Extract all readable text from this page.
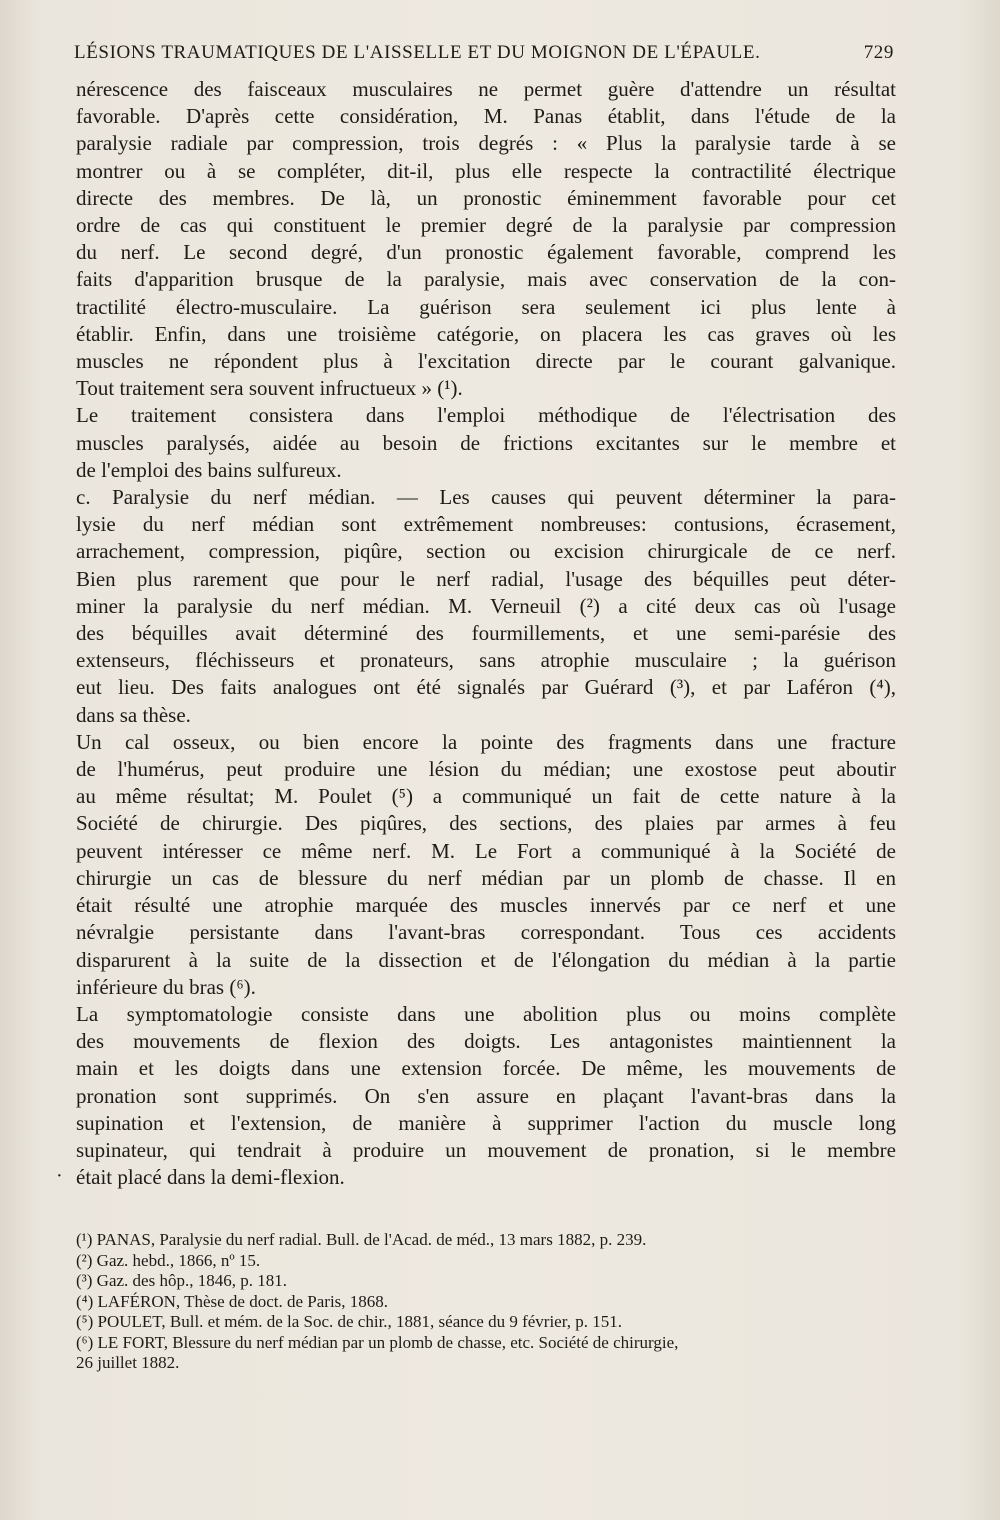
LÉSIONS TRAUMATIQUES DE L'AISSELLE ET DU MOIGNON DE L'ÉPAULE.	729

nérescence des faisceaux musculaires ne permet guère d'attendre un résultat
favorable. D'après cette considération, M. Panas établit, dans l'étude de la
paralysie radiale par compression, trois degrés : « Plus la paralysie tarde à se
montrer ou à se compléter, dit-il, plus elle respecte la contractilité électrique
directe des membres. De là, un pronostic éminemment favorable pour cet
ordre de cas qui constituent le premier degré de la paralysie par compression
du nerf. Le second degré, d'un pronostic également favorable, comprend les
faits d'apparition brusque de la paralysie, mais avec conservation de la con-
tractilité électro-musculaire. La guérison sera seulement ici plus lente à
établir. Enfin, dans une troisième catégorie, on placera les cas graves où les
muscles ne répondent plus à l'excitation directe par le courant galvanique.
Tout traitement sera souvent infructueux » (¹).

Le traitement consistera dans l'emploi méthodique de l'électrisation des
muscles paralysés, aidée au besoin de frictions excitantes sur le membre et
de l'emploi des bains sulfureux.

c. Paralysie du nerf médian. — Les causes qui peuvent déterminer la para-
lysie du nerf médian sont extrêmement nombreuses: contusions, écrasement,
arrachement, compression, piqûre, section ou excision chirurgicale de ce nerf.
Bien plus rarement que pour le nerf radial, l'usage des béquilles peut déter-
miner la paralysie du nerf médian. M. Verneuil (²) a cité deux cas où l'usage
des béquilles avait déterminé des fourmillements, et une semi-parésie des
extenseurs, fléchisseurs et pronateurs, sans atrophie musculaire ; la guérison
eut lieu. Des faits analogues ont été signalés par Guérard (³), et par Laféron (⁴),
dans sa thèse.

Un cal osseux, ou bien encore la pointe des fragments dans une fracture
de l'humérus, peut produire une lésion du médian; une exostose peut aboutir
au même résultat; M. Poulet (⁵) a communiqué un fait de cette nature à la
Société de chirurgie. Des piqûres, des sections, des plaies par armes à feu
peuvent intéresser ce même nerf. M. Le Fort a communiqué à la Société de
chirurgie un cas de blessure du nerf médian par un plomb de chasse. Il en
était résulté une atrophie marquée des muscles innervés par ce nerf et une
névralgie persistante dans l'avant-bras correspondant. Tous ces accidents
disparurent à la suite de la dissection et de l'élongation du médian à la partie
inférieure du bras (⁶).

La symptomatologie consiste dans une abolition plus ou moins complète
des mouvements de flexion des doigts. Les antagonistes maintiennent la
main et les doigts dans une extension forcée. De même, les mouvements de
pronation sont supprimés. On s'en assure en plaçant l'avant-bras dans la
supination et l'extension, de manière à supprimer l'action du muscle long
supinateur, qui tendrait à produire un mouvement de pronation, si le membre
était placé dans la demi-flexion.

·
(¹) PANAS, Paralysie du nerf radial. Bull. de l'Acad. de méd., 13 mars 1882, p. 239.
(²) Gaz. hebd., 1866, nº 15.
(³) Gaz. des hôp., 1846, p. 181.
(⁴) LAFÉRON, Thèse de doct. de Paris, 1868.
(⁵) POULET, Bull. et mém. de la Soc. de chir., 1881, séance du 9 février, p. 151.
(⁶) LE FORT, Blessure du nerf médian par un plomb de chasse, etc. Société de chirurgie,
26 juillet 1882.
